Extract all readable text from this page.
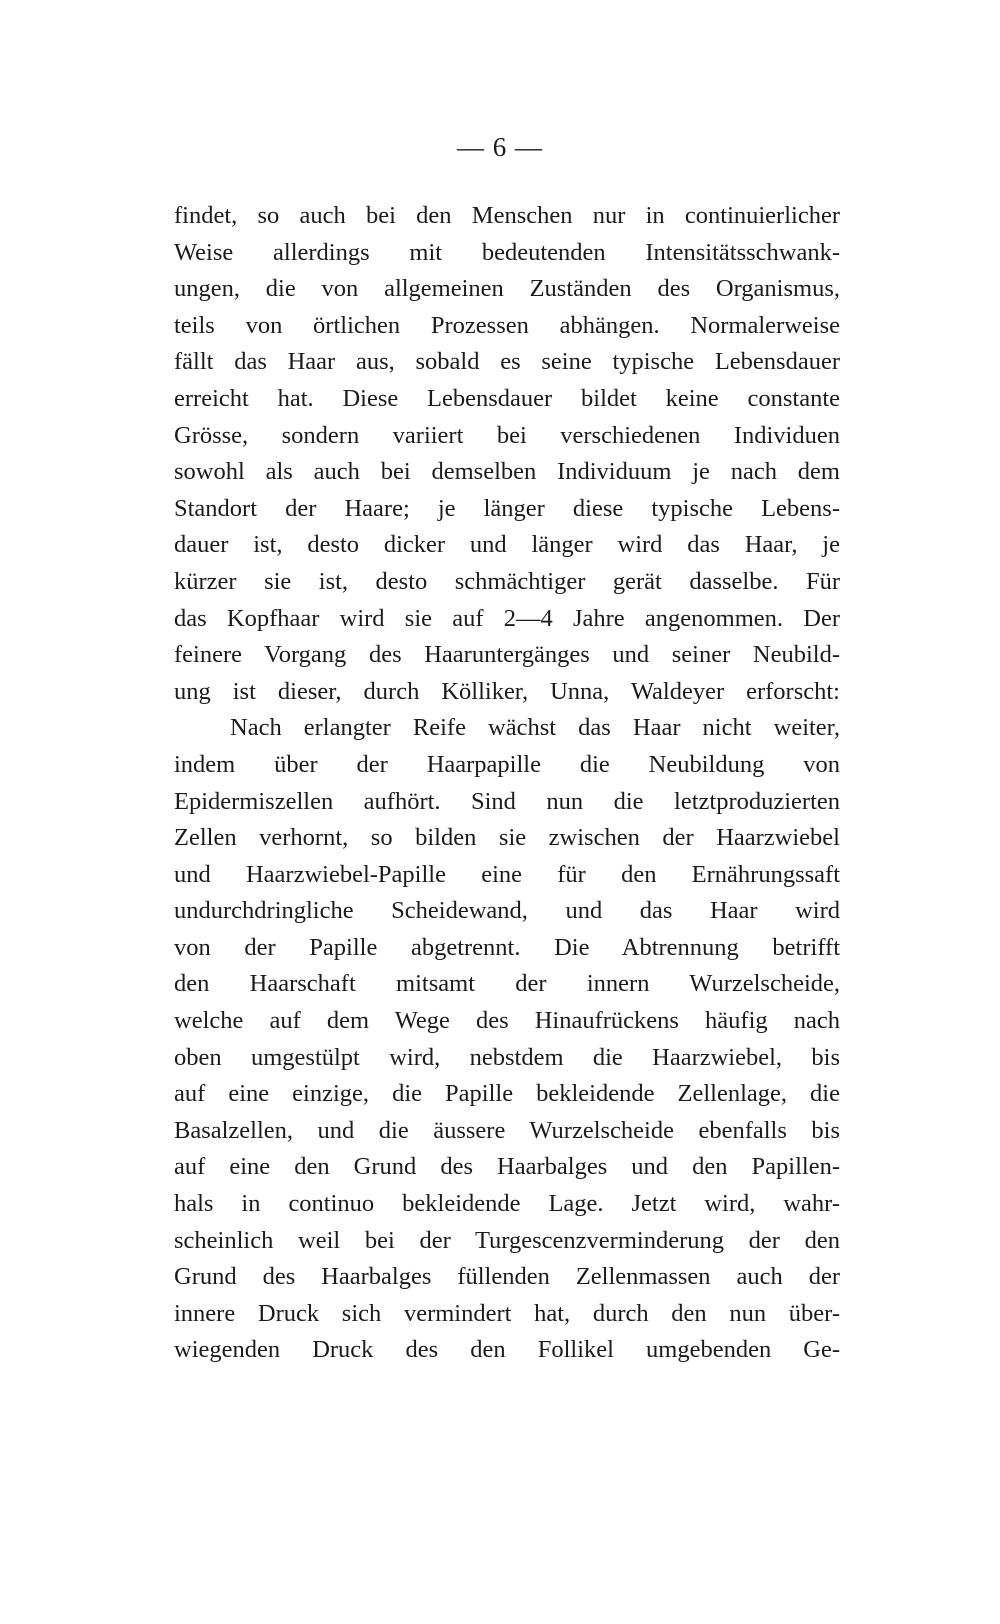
— 6 —
findet, so auch bei den Menschen nur in continuierlicher
Weise allerdings mit bedeutenden Intensitätsschwank-
ungen, die von allgemeinen Zuständen des Organismus,
teils von örtlichen Prozessen abhängen. Normalerweise
fällt das Haar aus, sobald es seine typische Lebensdauer
erreicht hat. Diese Lebensdauer bildet keine constante
Grösse, sondern variiert bei verschiedenen Individuen
sowohl als auch bei demselben Individuum je nach dem
Standort der Haare; je länger diese typische Lebens-
dauer ist, desto dicker und länger wird das Haar, je
kürzer sie ist, desto schmächtiger gerät dasselbe. Für
das Kopfhaar wird sie auf 2—4 Jahre angenommen. Der
feinere Vorgang des Haaruntergänges und seiner Neubild-
ung ist dieser, durch Kölliker, Unna, Waldeyer erforscht:
Nach erlangter Reife wächst das Haar nicht weiter,
indem über der Haarpapille die Neubildung von
Epidermiszellen aufhört. Sind nun die letztproduzierten
Zellen verhornt, so bilden sie zwischen der Haarzwiebel
und Haarzwiebel-Papille eine für den Ernährungssaft
undurchdringliche Scheidewand, und das Haar wird
von der Papille abgetrennt. Die Abtrennung betrifft
den Haarschaft mitsamt der innern Wurzelscheide,
welche auf dem Wege des Hinaufrückens häufig nach
oben umgestülpt wird, nebstdem die Haarzwiebel, bis
auf eine einzige, die Papille bekleidende Zellenlage, die
Basalzellen, und die äussere Wurzelscheide ebenfalls bis
auf eine den Grund des Haarbalges und den Papillen-
hals in continuo bekleidende Lage. Jetzt wird, wahr-
scheinlich weil bei der Turgescenzverminderung der den
Grund des Haarbalges füllenden Zellenmassen auch der
innere Druck sich vermindert hat, durch den nun über-
wiegenden Druck des den Follikel umgebenden Ge-
